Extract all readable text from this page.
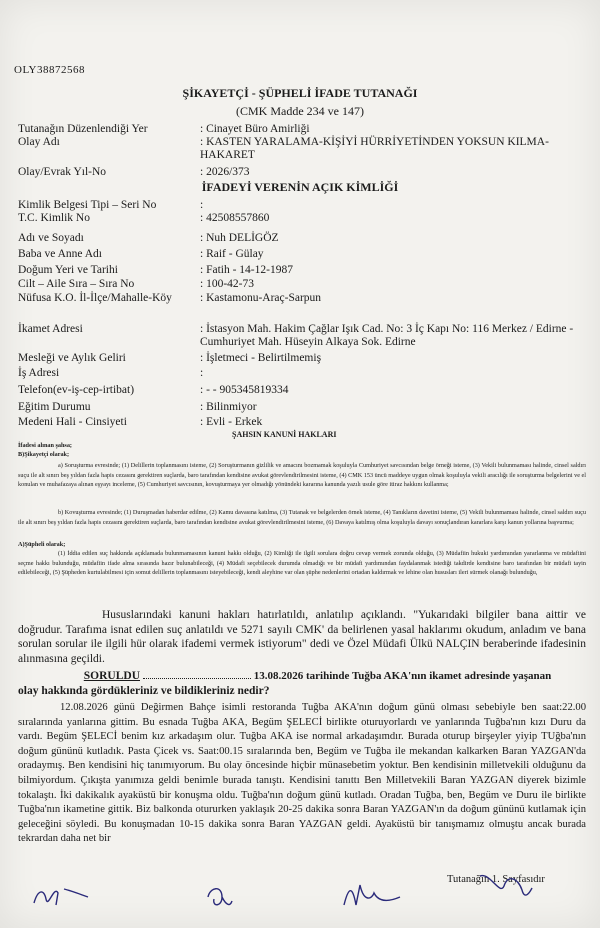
OLY38872568
ŞİKAYETÇİ - ŞÜPHELİ İFADE TUTANAĞI
(CMK Madde 234 ve 147)
Tutanağın Düzenlendiği Yer	: Cinayet Büro Amirliği
Olay Adı	: KASTEN YARALAMA-KİŞİYİ HÜRRİYETİNDEN YOKSUN KILMA-HAKARET
Olay/Evrak Yıl-No	: 2026/373
İFADEYİ VERENİN AÇIK KİMLİĞİ
Kimlik Belgesi Tipi – Seri No	:
T.C. Kimlik No	: 42508557860
Adı ve Soyadı	: Nuh DELİGÖZ
Baba ve Anne Adı	: Raif - Gülay
Doğum Yeri ve Tarihi	: Fatih - 14-12-1987
Cilt – Aile Sıra – Sıra No	: 100-42-73
Nüfusa K.O. İl-İlçe/Mahalle-Köy	: Kastamonu-Araç-Sarpun
İkamet Adresi	: İstasyon Mah. Hakim Çağlar Işık Cad. No: 3 İç Kapı No: 116 Merkez / Edirne - Cumhuriyet Mah. Hüseyin Alkaya Sok. Edirne
Mesleği ve Aylık Geliri	: İşletmeci - Belirtilmemiş
İş Adresi	:
Telefon(ev-iş-cep-irtibat)	: - - 905345819334
Eğitim Durumu	: Bilinmiyor
Medeni Hali - Cinsiyeti	: Evli - Erkek
ŞAHSIN KANUNİ HAKLARI
İfadesi alınan şahsa;
B)Şikayetçi olarak;
a) Soruşturma evresinde; (1) Delillerin toplanmasını isteme, (2) Soruşturmanın gizlilik ve amacını bozmamak koşuluyla Cumhuriyet savcısından belge örneği isteme, (3) Vekili bulunmaması halinde, cinsel saldırı suçu ile alt sınırı beş yıldan fazla hapis cezasını gerektiren suçlarda, baro tarafından kendisine avukat görevlendirilmesini isteme, (4) CMK 153 üncü maddeye uygun olmak koşuluyla vekili aracılığı ile soruşturma belgelerini ve el konulan ve muhafazaya alınan eşyayı inceleme, (5) Cumhuriyet savcısının, kovuşturmaya yer olmadığı yönündeki kararına kanunda yazılı usule göre itiraz hakkını kullanma;
b) Kovuşturma evresinde; (1) Duruşmadan haberdar edilme, (2) Kamu davasına katılma, (3) Tutanak ve belgelerden örnek isteme, (4) Tanıkların davetini isteme, (5) Vekili bulunmaması halinde, cinsel saldırı suçu ile alt sınırı beş yıldan fazla hapis cezasını gerektiren suçlarda, baro tarafından kendisine avukat görevlendirilmesini isteme, (6) Davaya katılmış olma koşuluyla davayı sonuçlandıran kararlara karşı kanun yollarına başvurma;
A)Şüpheli olarak;
(1) İddia edilen suç hakkında açıklamada bulunmamasının kanuni hakkı olduğu, (2) Kimliği ile ilgili sorulara doğru cevap vermek zorunda olduğu, (3) Müdafiin hukuki yardımından yararlanma ve müdafiini seçme hakkı bulunduğu, müdafiin ifade alma sırasında hazır bulunabileceği, (4) Müdafi seçebilecek durumda olmadığı ve bir müdafi yardımından faydalanmak istediği takdirde kendisine baro tarafından bir müdafi tayin edilebileceği, (5) Şüpheden kurtulabilmesi için somut delillerin toplanmasını isteyebileceği, kendi aleyhine var olan şüphe nedenlerini ortadan kaldırmak ve lehine olan hususları ileri sürmek olanağı bulunduğu,
Hususlarındaki kanuni hakları hatırlatıldı, anlatılıp açıklandı. "Yukarıdaki bilgiler bana aittir ve doğrudur. Tarafıma isnat edilen suç anlatıldı ve 5271 sayılı CMK' da belirlenen yasal haklarımı okudum, anladım ve bana sorulan sorular ile ilgili hür olarak ifademi vermek istiyorum" dedi ve Özel Müdafi Ülkü NALÇIN beraberinde ifadesinin alınmasına geçildi.
SORULDU	13.08.2026 tarihinde Tuğba AKA'nın ikamet adresinde yaşanan
olay hakkında gördükleriniz ve bildikleriniz nedir?
12.08.2026 günü Değirmen Bahçe isimli restoranda Tuğba AKA'nın doğum günü olması sebebiyle ben saat:22.00 sıralarında yanlarına gittim. Bu esnada Tuğba AKA, Begüm ŞELECİ birlikte oturuyorlardı ve yanlarında Tuğba'nın kızı Duru da vardı. Begüm ŞELECİ benim kız arkadaşım olur. Tuğba AKA ise normal arkadaşımdır. Burada oturup birşeyler yiyip TUğba'nın doğum gününü kutladık. Pasta Çicek vs. Saat:00.15 sıralarında ben, Begüm ve Tuğba ile mekandan kalkarken Baran YAZGAN'da oradaymış. Ben kendisini hiç tanımıyorum. Bu olay öncesinde hiçbir münasebetim yoktur. Ben kendisinin milletvekili olduğunu da bilmiyordum. Çıkışta yanımıza geldi benimle burada tanıştı. Kendisini tanıttı Ben Milletvekili Baran YAZGAN diyerek bizimle tokalaştı. İki dakikalık ayaküstü bir konuşma oldu. Tuğba'nın doğum günü kutladı. Oradan Tuğba, ben, Begüm ve Duru ile birlikte Tuğba'nın ikametine gittik. Biz balkonda otururken yaklaşık 20-25 dakika sonra Baran YAZGAN'ın da doğum gününü kutlamak için geleceğini söyledi. Bu konuşmadan 10-15 dakika sonra Baran YAZGAN geldi. Ayaküstü bir tanışmamız olmuştu ancak burada tekrardan daha net bir
Tutanağın 1. Sayfasıdır
